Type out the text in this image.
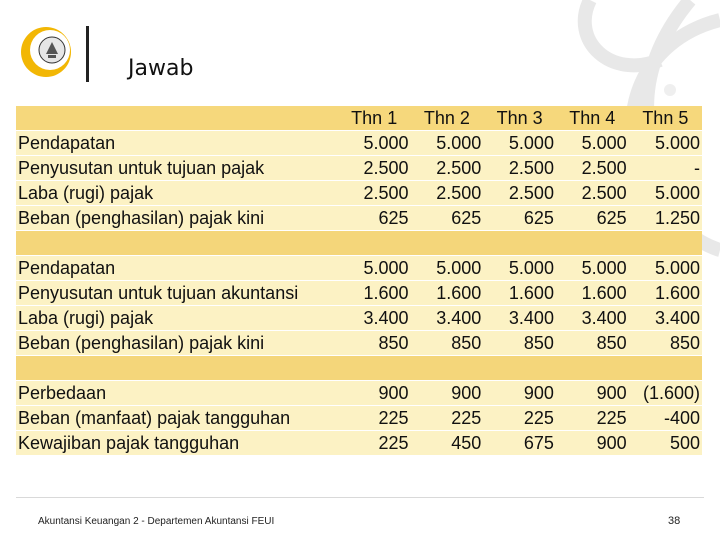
Jawab
	Thn 1	Thn 2	Thn 3	Thn 4	Thn 5
Pendapatan	5.000	5.000	5.000	5.000	5.000
Penyusutan untuk tujuan pajak	2.500	2.500	2.500	2.500	-
Laba (rugi) pajak	2.500	2.500	2.500	2.500	5.000
Beban (penghasilan) pajak kini	625	625	625	625	1.250

Pendapatan	5.000	5.000	5.000	5.000	5.000
Penyusutan untuk tujuan akuntansi	1.600	1.600	1.600	1.600	1.600
Laba (rugi) pajak	3.400	3.400	3.400	3.400	3.400
Beban (penghasilan) pajak kini	850	850	850	850	850

Perbedaan	900	900	900	900	(1.600)
Beban (manfaat) pajak tangguhan	225	225	225	225	-400
Kewajiban pajak tangguhan	225	450	675	900	500
Akuntansi Keuangan 2 - Departemen Akuntansi FEUI	38
